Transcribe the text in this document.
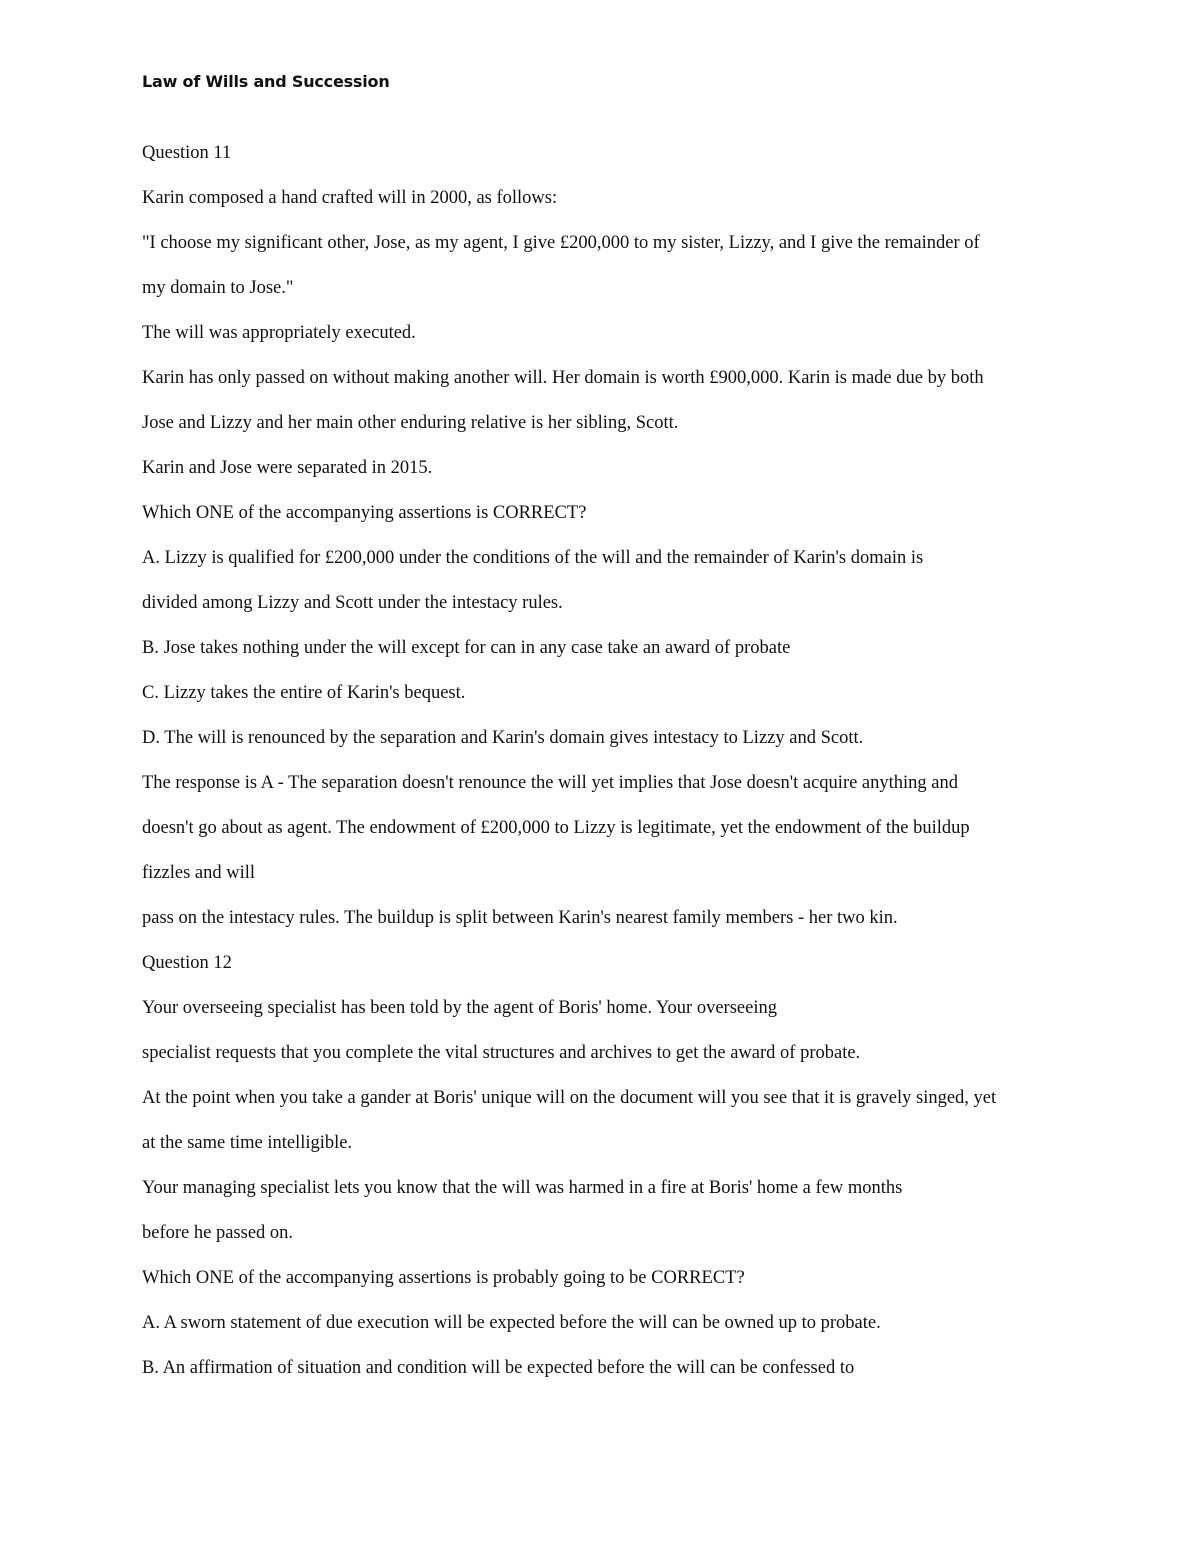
Law of Wills and Succession
Question 11
Karin composed a hand crafted will in 2000, as follows:
"I choose my significant other, Jose, as my agent, I give £200,000 to my sister, Lizzy, and I give the remainder of
my domain to Jose."
The will was appropriately executed.
Karin has only passed on without making another will. Her domain is worth £900,000. Karin is made due by both
Jose and Lizzy and her main other enduring relative is her sibling, Scott.
Karin and Jose were separated in 2015.
Which ONE of the accompanying assertions is CORRECT?
A. Lizzy is qualified for £200,000 under the conditions of the will and the remainder of Karin's domain is
divided among Lizzy and Scott under the intestacy rules.
B. Jose takes nothing under the will except for can in any case take an award of probate
C. Lizzy takes the entire of Karin's bequest.
D. The will is renounced by the separation and Karin's domain gives intestacy to Lizzy and Scott.
The response is A - The separation doesn't renounce the will yet implies that Jose doesn't acquire anything and
doesn't go about as agent. The endowment of £200,000 to Lizzy is legitimate, yet the endowment of the buildup
fizzles and will
pass on the intestacy rules. The buildup is split between Karin's nearest family members - her two kin.
Question 12
Your overseeing specialist has been told by the agent of Boris' home. Your overseeing
specialist requests that you complete the vital structures and archives to get the award of probate.
At the point when you take a gander at Boris' unique will on the document will you see that it is gravely singed, yet
at the same time intelligible.
Your managing specialist lets you know that the will was harmed in a fire at Boris' home a few months
before he passed on.
Which ONE of the accompanying assertions is probably going to be CORRECT?
A. A sworn statement of due execution will be expected before the will can be owned up to probate.
B. An affirmation of situation and condition will be expected before the will can be confessed to
